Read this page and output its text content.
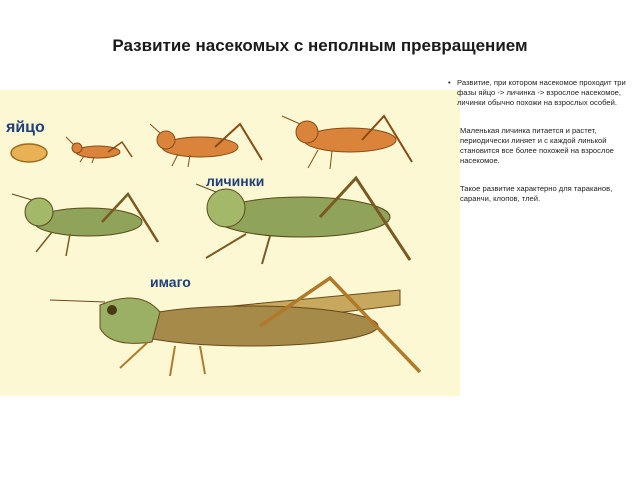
Развитие насекомых с неполным превращением
яйцо
личинки
имаго
• Развитие, при котором насекомое проходит три фазы яйцо -> личинка -> взрослое насекомое, личинки обычно похожи на взрослых особей.
Маленькая личинка питается и растет, периодически линяет и с каждой линькой становится все более похожей на взрослое насекомое.
Такое развитие характерно для тараканов, саранчи, клопов, тлей.
